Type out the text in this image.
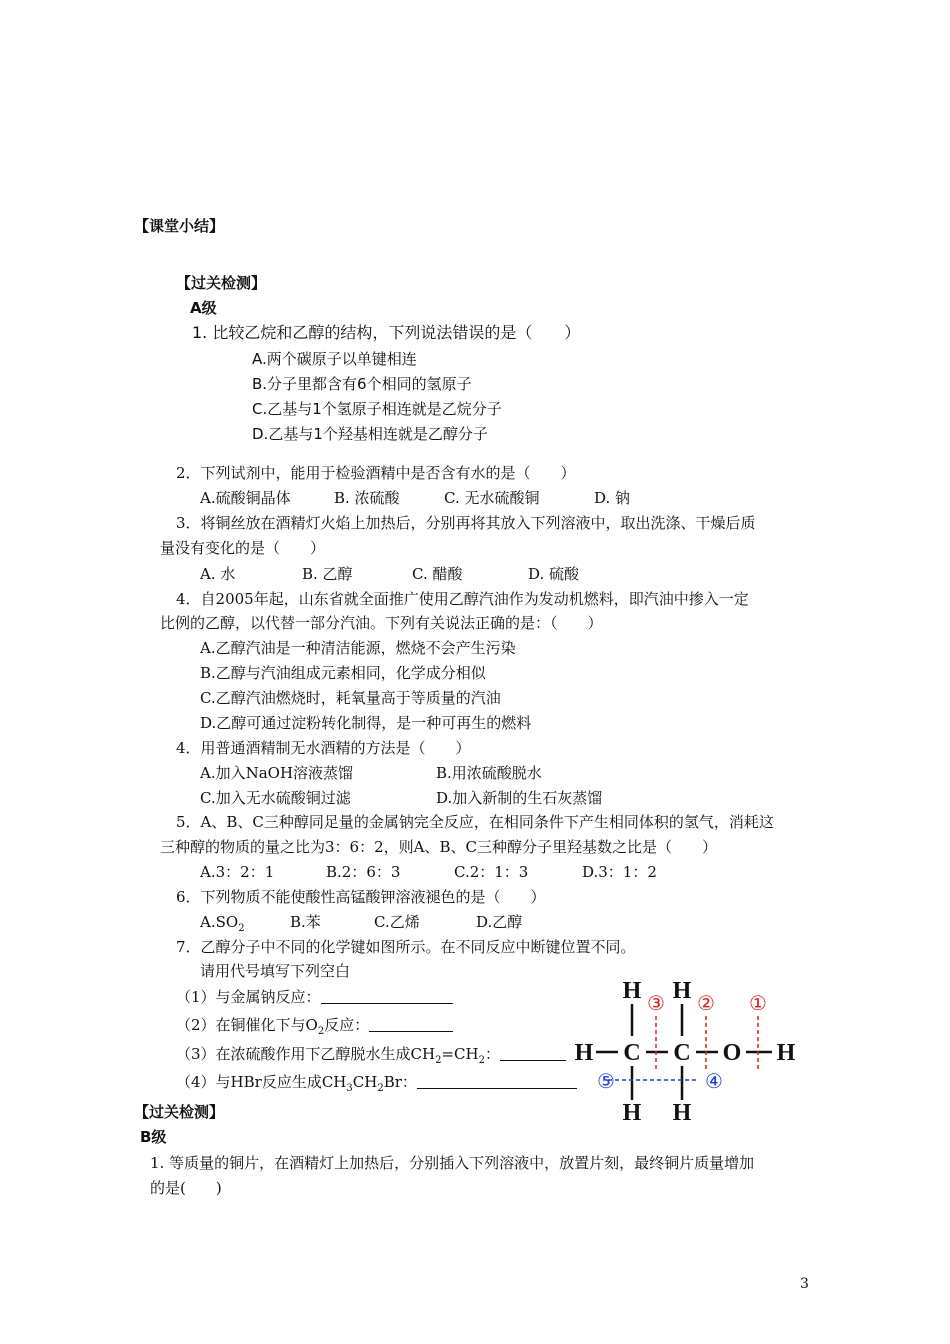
【课堂小结】
【过关检测】
A级
1. 比较乙烷和乙醇的结构，下列说法错误的是（　　）
A.两个碳原子以单键相连
B.分子里都含有6个相同的氢原子
C.乙基与1个氢原子相连就是乙烷分子
D.乙基与1个羟基相连就是乙醇分子
2．下列试剂中，能用于检验酒精中是否含有水的是（　　）
A.硫酸铜晶体	B. 浓硫酸	C. 无水硫酸铜	D. 钠
3．将铜丝放在酒精灯火焰上加热后，分别再将其放入下列溶液中，取出洗涤、干燥后质
量没有变化的是（　　）
A. 水	B. 乙醇	C. 醋酸	D. 硫酸
4．自2005年起，山东省就全面推广使用乙醇汽油作为发动机燃料，即汽油中掺入一定
比例的乙醇，以代替一部分汽油。下列有关说法正确的是：（　　）
A.乙醇汽油是一种清洁能源，燃烧不会产生污染
B.乙醇与汽油组成元素相同，化学成分相似
C.乙醇汽油燃烧时，耗氧量高于等质量的汽油
D.乙醇可通过淀粉转化制得，是一种可再生的燃料
4．用普通酒精制无水酒精的方法是（　　）
A.加入NaOH溶液蒸馏	B.用浓硫酸脱水
C.加入无水硫酸铜过滤	D.加入新制的生石灰蒸馏
5．A、B、C三种醇同足量的金属钠完全反应，在相同条件下产生相同体积的氢气，消耗这
三种醇的物质的量之比为3：6：2，则A、B、C三种醇分子里羟基数之比是（　　）
A.3：2：1	B.2：6：3	C.2：1：3	D.3：1：2
6．下列物质不能使酸性高锰酸钾溶液褪色的是（　　）
$A.SO_2$	B.苯	C.乙烯	D.乙醇
7．乙醇分子中不同的化学键如图所示。在不同反应中断键位置不同。
请用代号填写下列空白
（1）与金属钠反应：
（2）在铜催化下与$O_2$反应：
（3）在浓硫酸作用下乙醇脱水生成$CH_2=CH_2$：
（4）与HBr反应生成$CH_3CH_2Br$：
H H
H C C O H
H H
①
②
③
④
⑤
【过关检测】
B级
1. 等质量的铜片，在酒精灯上加热后，分别插入下列溶液中，放置片刻，最终铜片质量增加
的是(　　)
3
